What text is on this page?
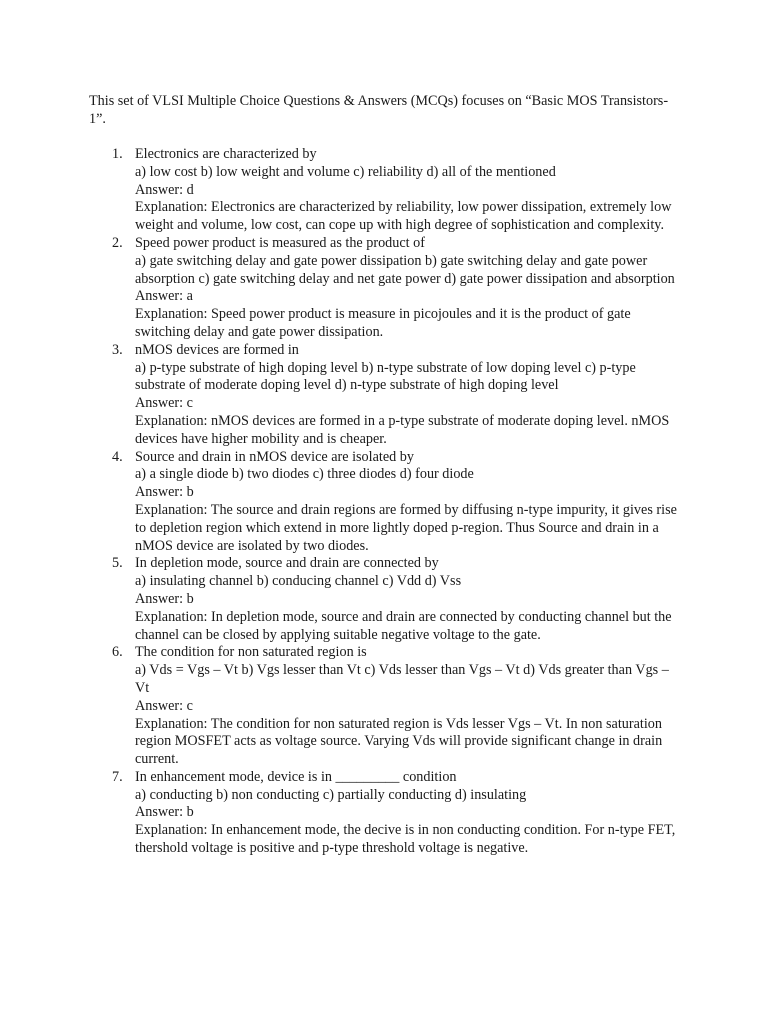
This set of VLSI Multiple Choice Questions & Answers (MCQs) focuses on “Basic MOS Transistors-1”.

1. Electronics are characterized by
a) low cost b) low weight and volume c) reliability d) all of the mentioned
Answer: d
Explanation: Electronics are characterized by reliability, low power dissipation, extremely low weight and volume, low cost, can cope up with high degree of sophistication and complexity.
2. Speed power product is measured as the product of
a) gate switching delay and gate power dissipation b) gate switching delay and gate power absorption c) gate switching delay and net gate power d) gate power dissipation and absorption
Answer: a
Explanation: Speed power product is measure in picojoules and it is the product of gate switching delay and gate power dissipation.
3. nMOS devices are formed in
a) p-type substrate of high doping level b) n-type substrate of low doping level c) p-type substrate of moderate doping level d) n-type substrate of high doping level
Answer: c
Explanation: nMOS devices are formed in a p-type substrate of moderate doping level. nMOS devices have higher mobility and is cheaper.
4. Source and drain in nMOS device are isolated by
a) a single diode b) two diodes c) three diodes d) four diode
Answer: b
Explanation: The source and drain regions are formed by diffusing n-type impurity, it gives rise to depletion region which extend in more lightly doped p-region. Thus Source and drain in a nMOS device are isolated by two diodes.
5. In depletion mode, source and drain are connected by
a) insulating channel b) conducing channel c) Vdd d) Vss
Answer: b
Explanation: In depletion mode, source and drain are connected by conducting channel but the channel can be closed by applying suitable negative voltage to the gate.
6. The condition for non saturated region is
a) Vds = Vgs – Vt b) Vgs lesser than Vt c) Vds lesser than Vgs – Vt d) Vds greater than Vgs – Vt
Answer: c
Explanation: The condition for non saturated region is Vds lesser Vgs – Vt. In non saturation region MOSFET acts as voltage source. Varying Vds will provide significant change in drain current.
7. In enhancement mode, device is in _________ condition
a) conducting b) non conducting c) partially conducting d) insulating
Answer: b
Explanation: In enhancement mode, the decive is in non conducting condition. For n-type FET, thershold voltage is positive and p-type threshold voltage is negative.
